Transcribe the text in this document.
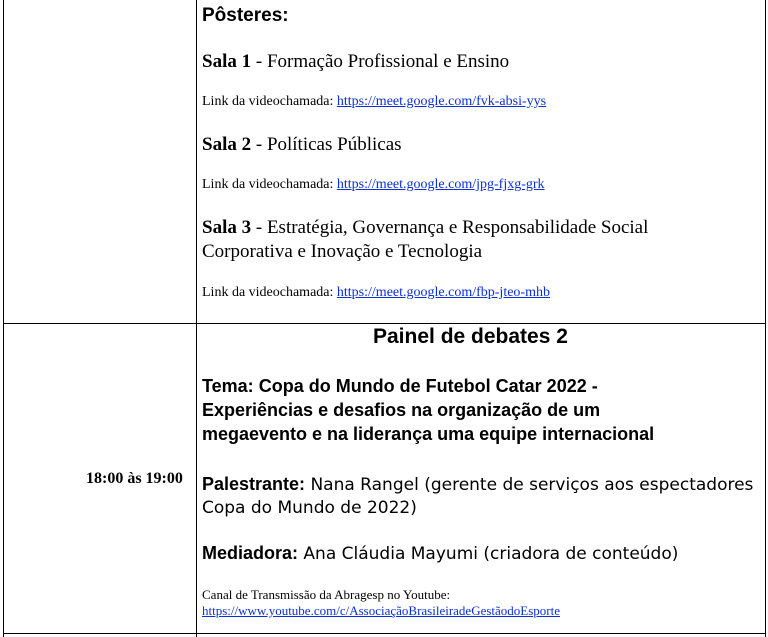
Pôsteres:
Sala 1 - Formação Profissional e Ensino
Link da videochamada: https://meet.google.com/fvk-absi-yys
Sala 2 - Políticas Públicas
Link da videochamada: https://meet.google.com/jpg-fjxg-grk
Sala 3 - Estratégia, Governança e Responsabilidade Social
Corporativa e Inovação e Tecnologia
Link da videochamada: https://meet.google.com/fbp-jteo-mhb
18:00 às 19:00
Painel de debates 2
Tema: Copa do Mundo de Futebol Catar 2022 -
Experiências e desafios na organização de um
megaevento e na liderança uma equipe internacional
Palestrante: Nana Rangel (gerente de serviços aos espectadores
Copa do Mundo de 2022)
Mediadora: Ana Cláudia Mayumi (criadora de conteúdo)
Canal de Transmissão da Abragesp no Youtube:
https://www.youtube.com/c/AssociaçãoBrasileiradeGestãodoEsporte
